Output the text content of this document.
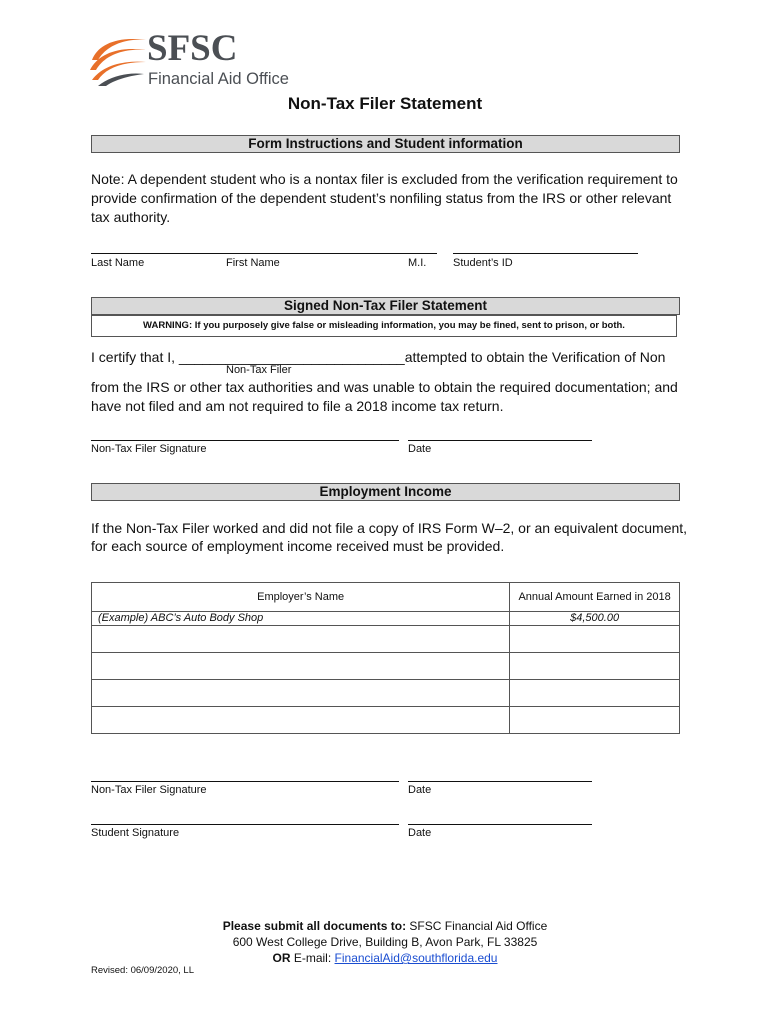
SFSC
Financial Aid Office
Non-Tax Filer Statement
Form Instructions and Student information
Note: A dependent student who is a nontax filer is excluded from the verification requirement to provide confirmation of the dependent student’s nonfiling status from the IRS or other relevant tax authority.
Last Name	First Name	M.I. Student’s ID
Signed Non-Tax Filer Statement
WARNING: If you purposely give false or misleading information, you may be fined, sent to prison, or both.
I certify that I, _____________________________attempted to obtain the Verification of Non
Non-Tax Filer
from the IRS or other tax authorities and was unable to obtain the required documentation; and have not filed and am not required to file a 2018 income tax return.
Non-Tax Filer Signature	Date
Employment Income
If the Non-Tax Filer worked and did not file a copy of IRS Form W–2, or an equivalent document, for each source of employment income received must be provided.
Employer’s Name	Annual Amount Earned in 2018
(Example) ABC’s Auto Body Shop	$4,500.00

Non-Tax Filer Signature	Date
Student Signature	Date
Please submit all documents to: SFSC Financial Aid Office
600 West College Drive, Building B, Avon Park, FL 33825
OR E-mail: FinancialAid@southflorida.edu
Revised: 06/09/2020, LL
